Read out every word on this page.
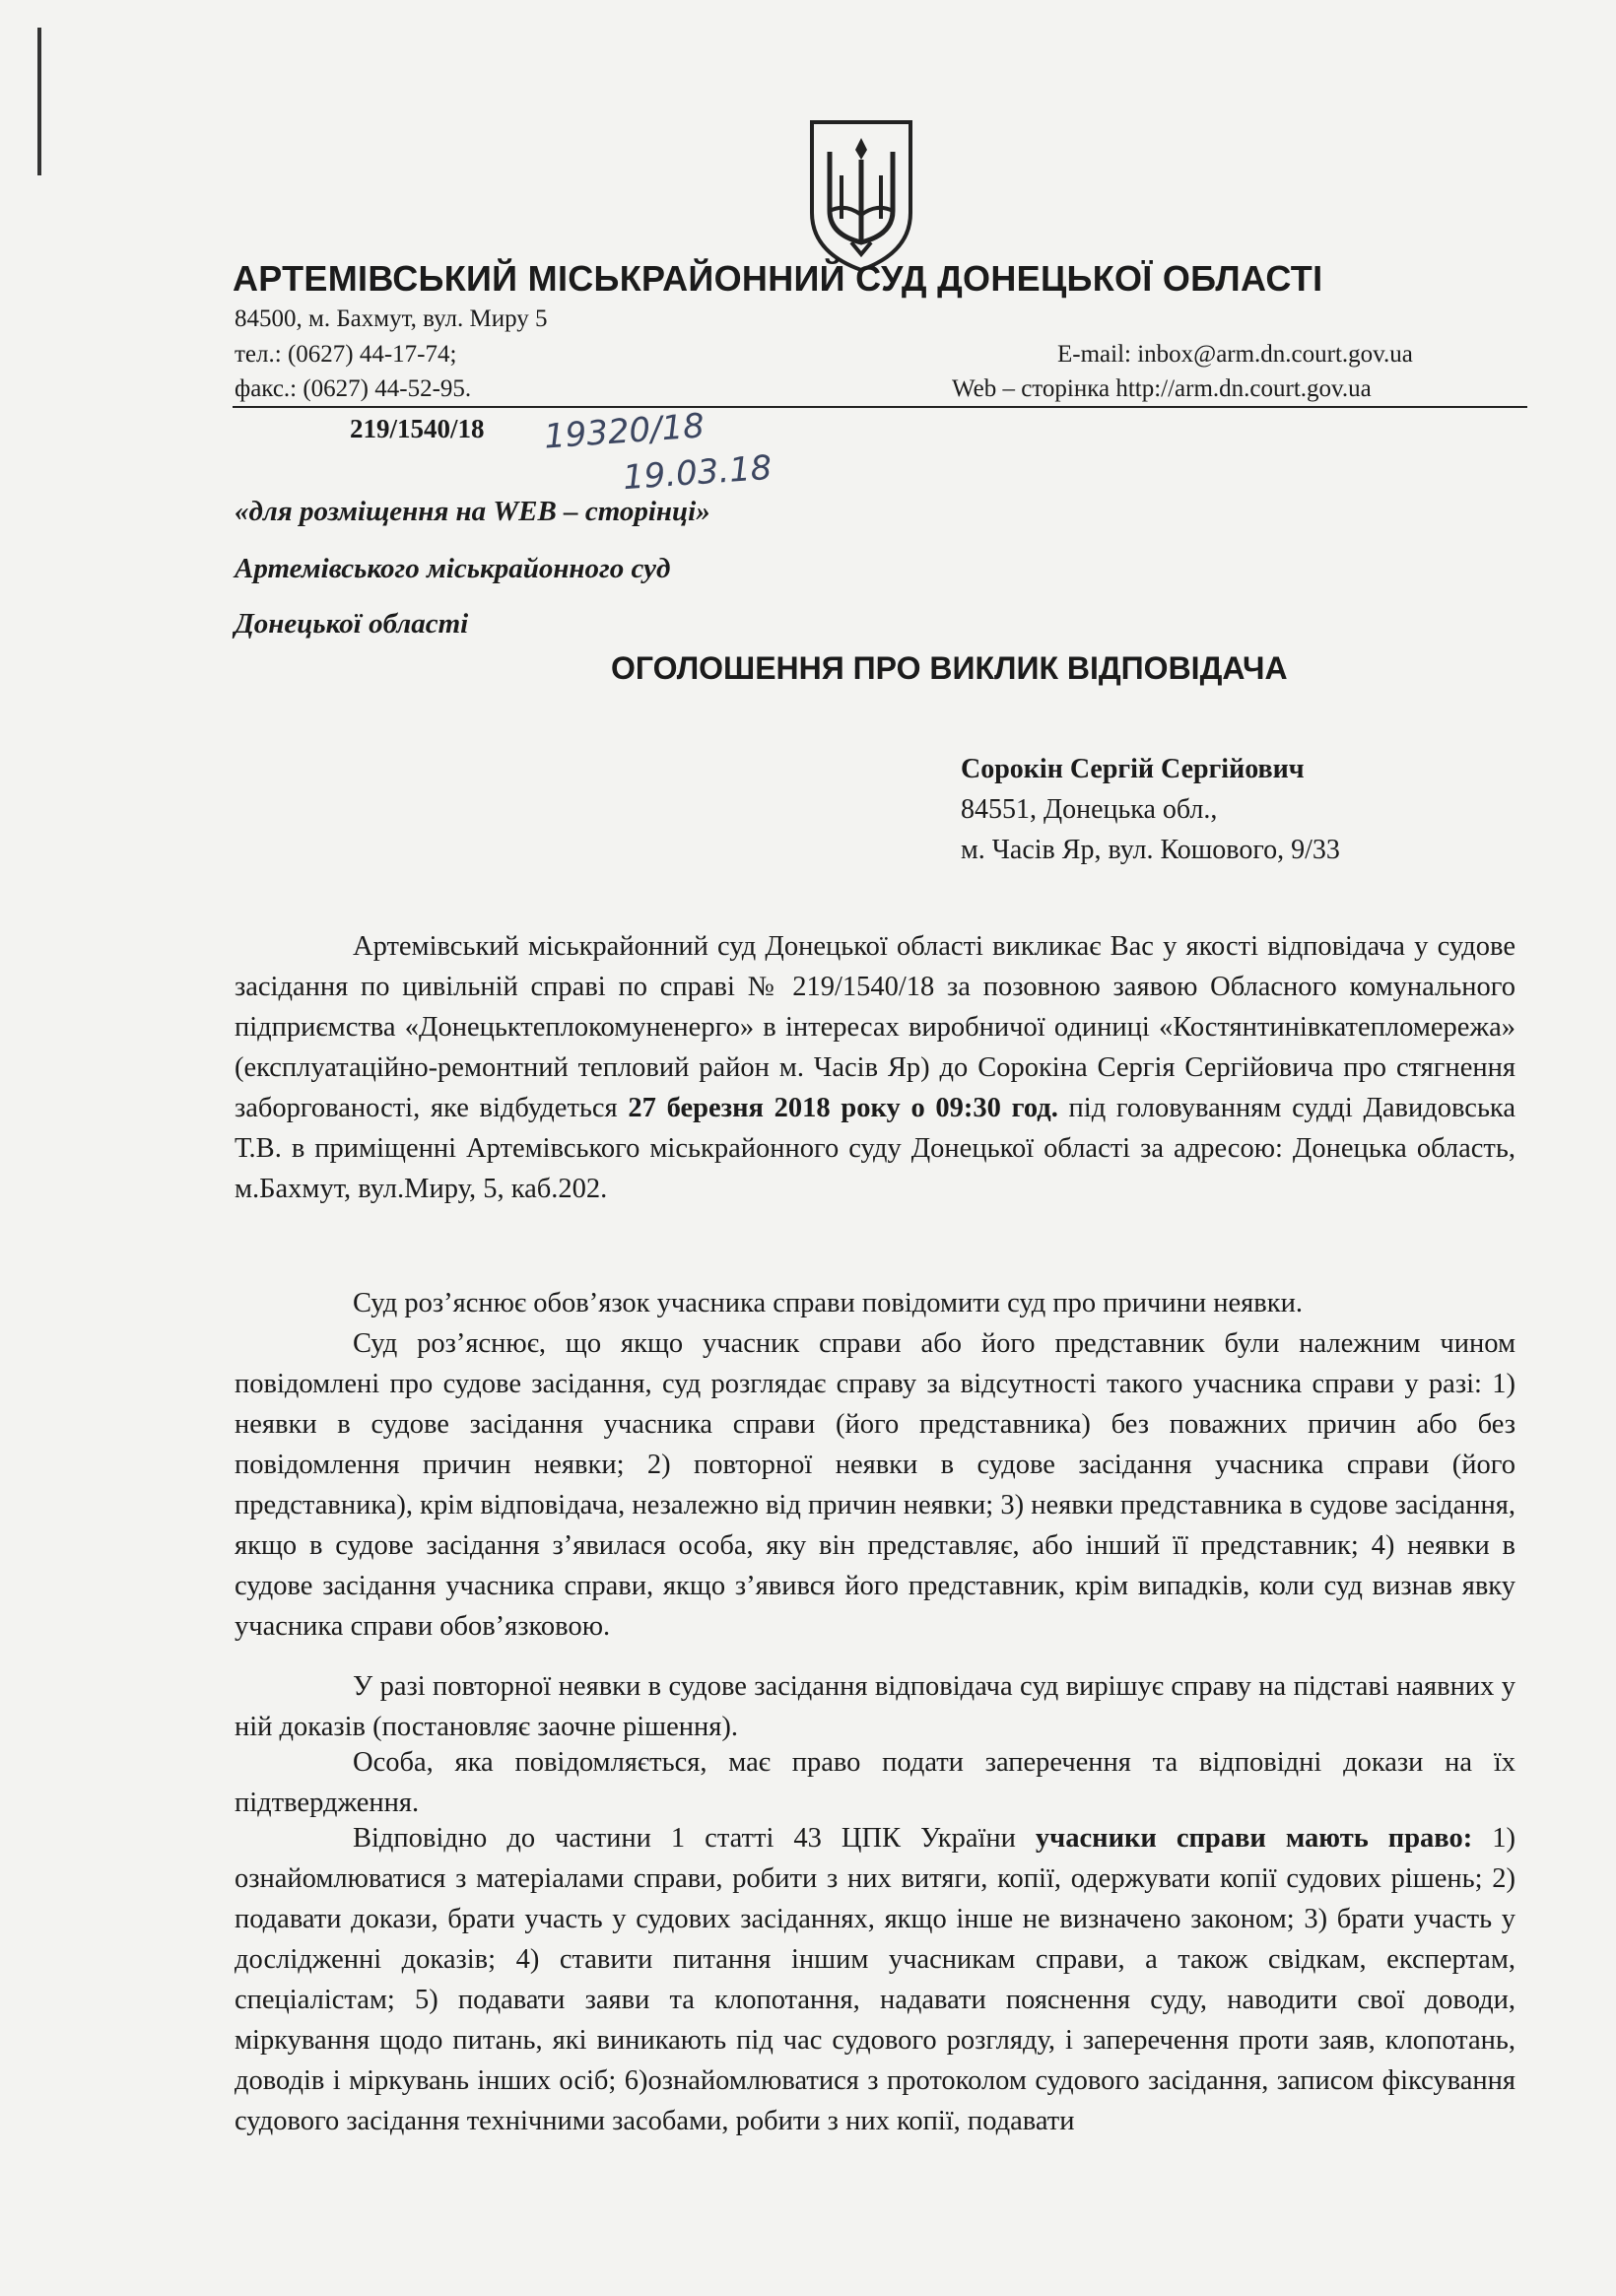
АРТЕМІВСЬКИЙ МІСЬКРАЙОННИЙ СУД ДОНЕЦЬКОЇ ОБЛАСТІ
84500, м. Бахмут, вул. Миру 5
тел.: (0627) 44-17-74;	E-mail: inbox@arm.dn.court.gov.ua
факс.: (0627) 44-52-95.	Web – сторінка http://arm.dn.court.gov.ua
219/1540/18 19320/18
19.03.18
«для розміщення на WEB – сторінці»
Артемівського міськрайонного суд
Донецької області
ОГОЛОШЕННЯ ПРО ВИКЛИК ВІДПОВІДАЧА
Сорокін Сергій Сергійович
84551, Донецька обл.,
м. Часів Яр, вул. Кошового, 9/33
Артемівський міськрайонний суд Донецької області викликає Вас у якості відповідача у судове засідання по цивільній справі по справі № 219/1540/18 за позовною заявою Обласного комунального підприємства «Донецьктеплокомуненерго» в інтересах виробничої одиниці «Костянтинівкатепломережа» (експлуатаційно-ремонтний тепловий район м. Часів Яр) до Сорокіна Сергія Сергійовича про стягнення заборгованості, яке відбудеться 27 березня 2018 року о 09:30 год. під головуванням судді Давидовська Т.В. в приміщенні Артемівського міськрайонного суду Донецької області за адресою: Донецька область, м.Бахмут, вул.Миру, 5, каб.202.
Суд роз’яснює обов’язок учасника справи повідомити суд про причини неявки.
Суд роз’яснює, що якщо учасник справи або його представник були належним чином повідомлені про судове засідання, суд розглядає справу за відсутності такого учасника справи у разі: 1) неявки в судове засідання учасника справи (його представника) без поважних причин або без повідомлення причин неявки; 2) повторної неявки в судове засідання учасника справи (його представника), крім відповідача, незалежно від причин неявки; 3) неявки представника в судове засідання, якщо в судове засідання з’явилася особа, яку він представляє, або інший її представник; 4) неявки в судове засідання учасника справи, якщо з’явився його представник, крім випадків, коли суд визнав явку учасника справи обов’язковою.
У разі повторної неявки в судове засідання відповідача суд вирішує справу на підставі наявних у ній доказів (постановляє заочне рішення).
Особа, яка повідомляється, має право подати заперечення та відповідні докази на їх підтвердження.
Відповідно до частини 1 статті 43 ЦПК України учасники справи мають право: 1) ознайомлюватися з матеріалами справи, робити з них витяги, копії, одержувати копії судових рішень; 2) подавати докази, брати участь у судових засіданнях, якщо інше не визначено законом; 3) брати участь у дослідженні доказів; 4) ставити питання іншим учасникам справи, а також свідкам, експертам, спеціалістам; 5) подавати заяви та клопотання, надавати пояснення суду, наводити свої доводи, міркування щодо питань, які виникають під час судового розгляду, і заперечення проти заяв, клопотань, доводів і міркувань інших осіб; 6)ознайомлюватися з протоколом судового засідання, записом фіксування судового засідання технічними засобами, робити з них копії, подавати
